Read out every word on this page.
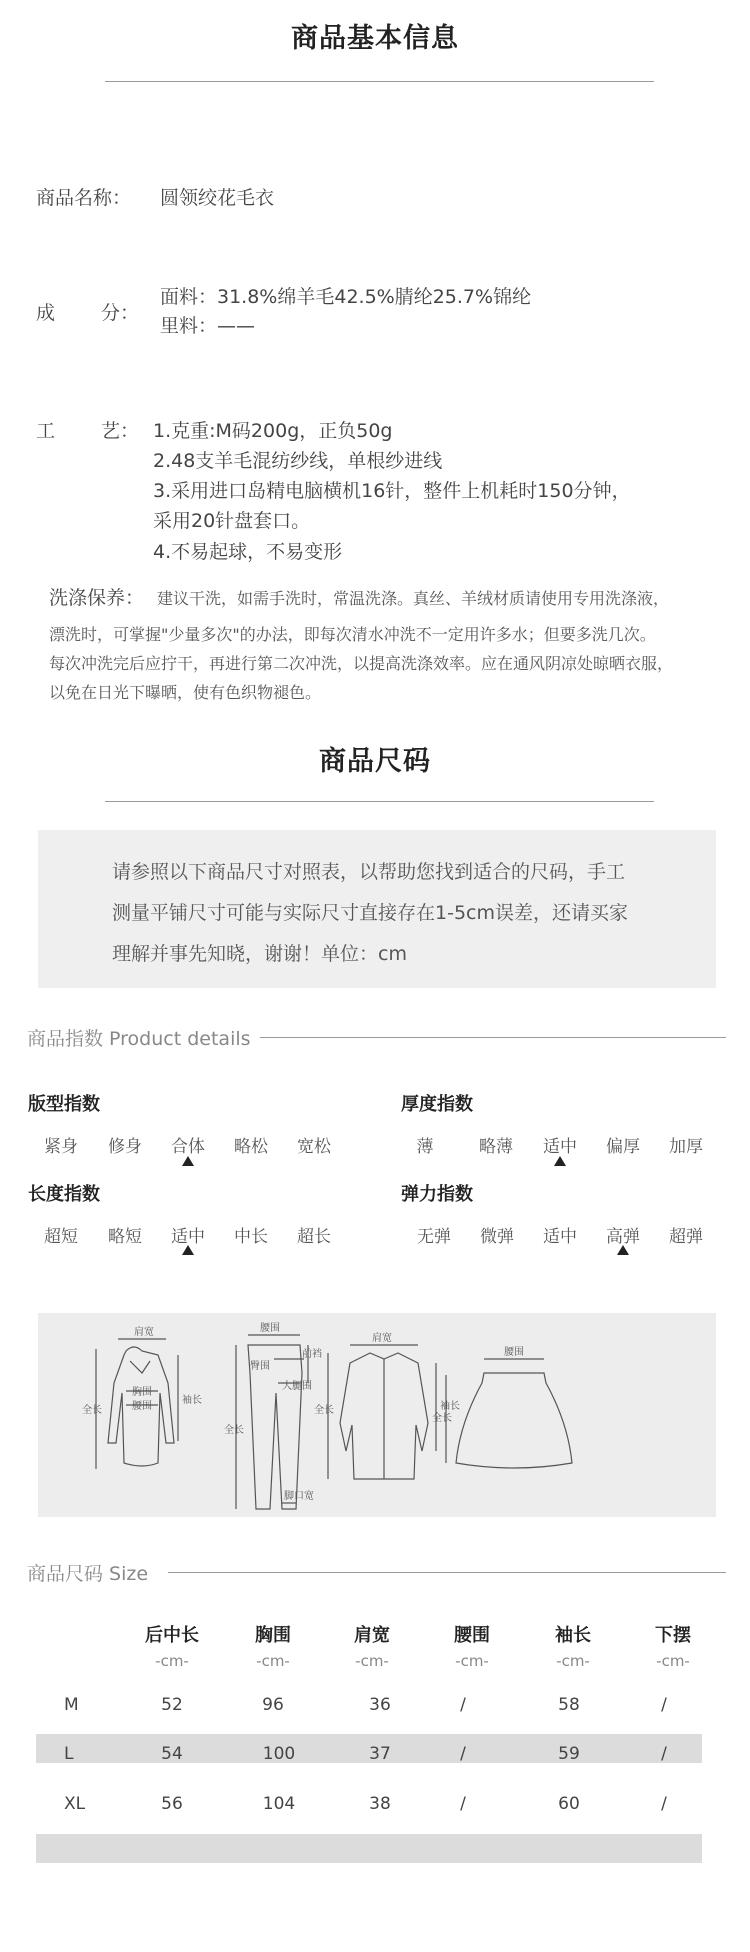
商品基本信息
商品名称： 圆领绞花毛衣
成 分：
面料：31.8%绵羊毛42.5%腈纶25.7%锦纶
里料：——
工 艺： 1.克重:M码200g，正负50g
2.48支羊毛混纺纱线，单根纱进线
3.采用进口岛精电脑横机16针，整件上机耗时150分钟，
采用20针盘套口。
4.不易起球，不易变形
洗涤保养： 建议干洗，如需手洗时，常温洗涤。真丝、羊绒材质请使用专用洗涤液，
漂洗时，可掌握"少量多次"的办法，即每次清水冲洗不一定用许多水；但要多洗几次。
每次冲洗完后应拧干，再进行第二次冲洗，以提高洗涤效率。应在通风阴凉处晾晒衣服，
以免在日光下曝晒，使有色织物褪色。
商品尺码
请参照以下商品尺寸对照表，以帮助您找到适合的尺码，手工
测量平铺尺寸可能与实际尺寸直接存在1-5cm误差，还请买家
理解并事先知晓，谢谢！单位：cm
商品指数 Product details
版型指数
紧身	修身	合体	略松	宽松
厚度指数
薄	略薄	适中	偏厚	加厚
长度指数
超短	略短	适中	中长	超长
弹力指数
无弹	微弹	适中	高弹	超弹
肩宽
胸围
腰围
全长
袖长
腰围
臀围
前裆
大腿围
全长
脚口宽
肩宽
全长	袖长
腰围
全长
商品尺码 Size
后中长	胸围	肩宽	腰围	袖长	下摆
-cm-	-cm-	-cm-	-cm-	-cm-	-cm-
M	52	96	36	/	58	/
L	54	100	37	/	59	/
XL	56	104	38	/	60	/
